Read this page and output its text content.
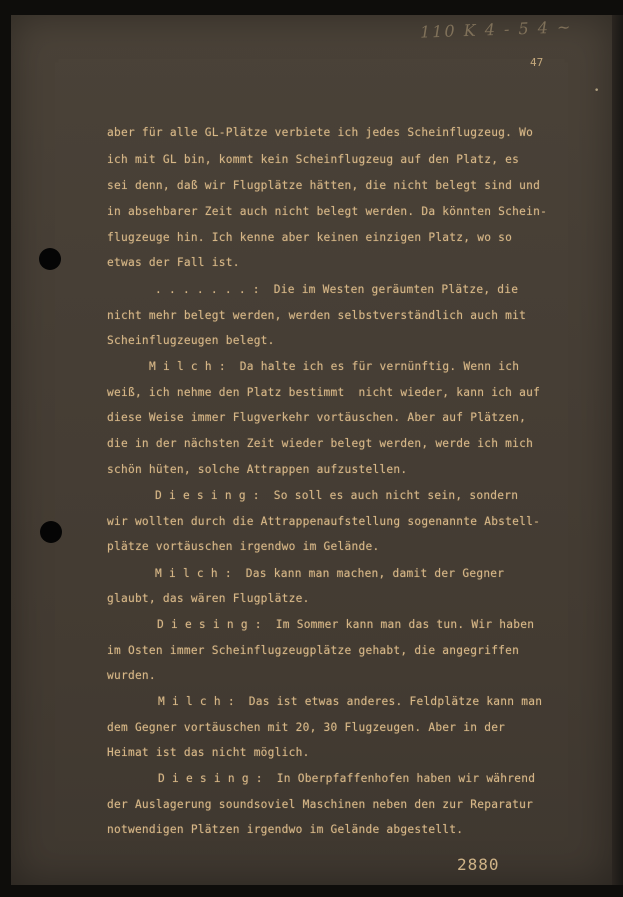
110 K 4 - 5 4 ~
47
•
aber für alle GL-Plätze verbiete ich jedes Scheinflugzeug. Wo
ich mit GL bin, kommt kein Scheinflugzeug auf den Platz, es
sei denn, daß wir Flugplätze hätten, die nicht belegt sind und
in absehbarer Zeit auch nicht belegt werden. Da könnten Schein-
flugzeuge hin. Ich kenne aber keinen einzigen Platz, wo so
etwas der Fall ist.
. . . . . . . :  Die im Westen geräumten Plätze, die
nicht mehr belegt werden, werden selbstverständlich auch mit
Scheinflugzeugen belegt.
M i l c h :  Da halte ich es für vernünftig. Wenn ich
weiß, ich nehme den Platz bestimmt  nicht wieder, kann ich auf
diese Weise immer Flugverkehr vortäuschen. Aber auf Plätzen,
die in der nächsten Zeit wieder belegt werden, werde ich mich
schön hüten, solche Attrappen aufzustellen.
D i e s i n g :  So soll es auch nicht sein, sondern
wir wollten durch die Attrappenaufstellung sogenannte Abstell-
plätze vortäuschen irgendwo im Gelände.
M i l c h :  Das kann man machen, damit der Gegner
glaubt, das wären Flugplätze.
D i e s i n g :  Im Sommer kann man das tun. Wir haben
im Osten immer Scheinflugzeugplätze gehabt, die angegriffen
wurden.
M i l c h :  Das ist etwas anderes. Feldplätze kann man
dem Gegner vortäuschen mit 20, 30 Flugzeugen. Aber in der
Heimat ist das nicht möglich.
D i e s i n g :  In Oberpfaffenhofen haben wir während
der Auslagerung soundsoviel Maschinen neben den zur Reparatur
notwendigen Plätzen irgendwo im Gelände abgestellt.
2880
